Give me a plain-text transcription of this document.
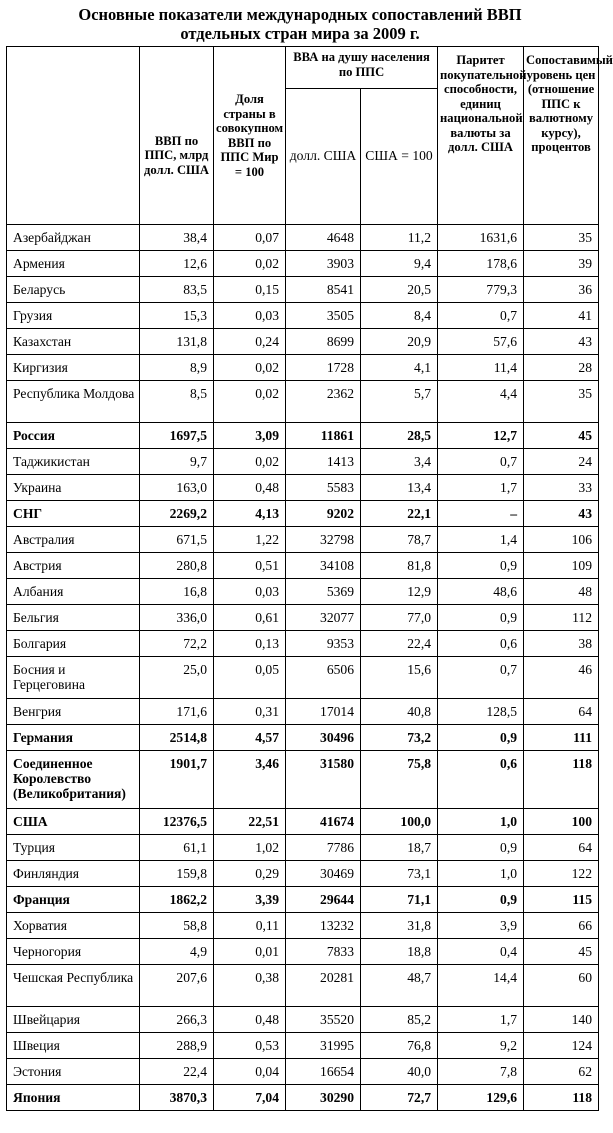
Основные показатели международных сопоставлений ВВП
отдельных стран мира за 2009 г.
	ВВП по ППС, млрд долл. США	Доля страны в совокупном ВВП по ППС Мир = 100	ВВА на душу населения по ППС		Паритет покупательной способности, единиц национальной валюты за долл. США	Сопоставимый уровень цен (отношение ППС к валютному курсу), процентов
			долл. США	США = 100		
Азербайджан	38,4	0,07	4648	11,2	1631,6	35
Армения	12,6	0,02	3903	9,4	178,6	39
Беларусь	83,5	0,15	8541	20,5	779,3	36
Грузия	15,3	0,03	3505	8,4	0,7	41
Казахстан	131,8	0,24	8699	20,9	57,6	43
Киргизия	8,9	0,02	1728	4,1	11,4	28
Республика Молдова	8,5	0,02	2362	5,7	4,4	35
Россия	1697,5	3,09	11861	28,5	12,7	45
Таджикистан	9,7	0,02	1413	3,4	0,7	24
Украина	163,0	0,48	5583	13,4	1,7	33
СНГ	2269,2	4,13	9202	22,1	–	43
Австралия	671,5	1,22	32798	78,7	1,4	106
Австрия	280,8	0,51	34108	81,8	0,9	109
Албания	16,8	0,03	5369	12,9	48,6	48
Бельгия	336,0	0,61	32077	77,0	0,9	112
Болгария	72,2	0,13	9353	22,4	0,6	38
Босния и Герцеговина	25,0	0,05	6506	15,6	0,7	46
Венгрия	171,6	0,31	17014	40,8	128,5	64
Германия	2514,8	4,57	30496	73,2	0,9	111
Соединенное Королевство (Великобритания)	1901,7	3,46	31580	75,8	0,6	118
США	12376,5	22,51	41674	100,0	1,0	100
Турция	61,1	1,02	7786	18,7	0,9	64
Финляндия	159,8	0,29	30469	73,1	1,0	122
Франция	1862,2	3,39	29644	71,1	0,9	115
Хорватия	58,8	0,11	13232	31,8	3,9	66
Черногория	4,9	0,01	7833	18,8	0,4	45
Чешская Республика	207,6	0,38	20281	48,7	14,4	60
Швейцария	266,3	0,48	35520	85,2	1,7	140
Швеция	288,9	0,53	31995	76,8	9,2	124
Эстония	22,4	0,04	16654	40,0	7,8	62
Япония	3870,3	7,04	30290	72,7	129,6	118
